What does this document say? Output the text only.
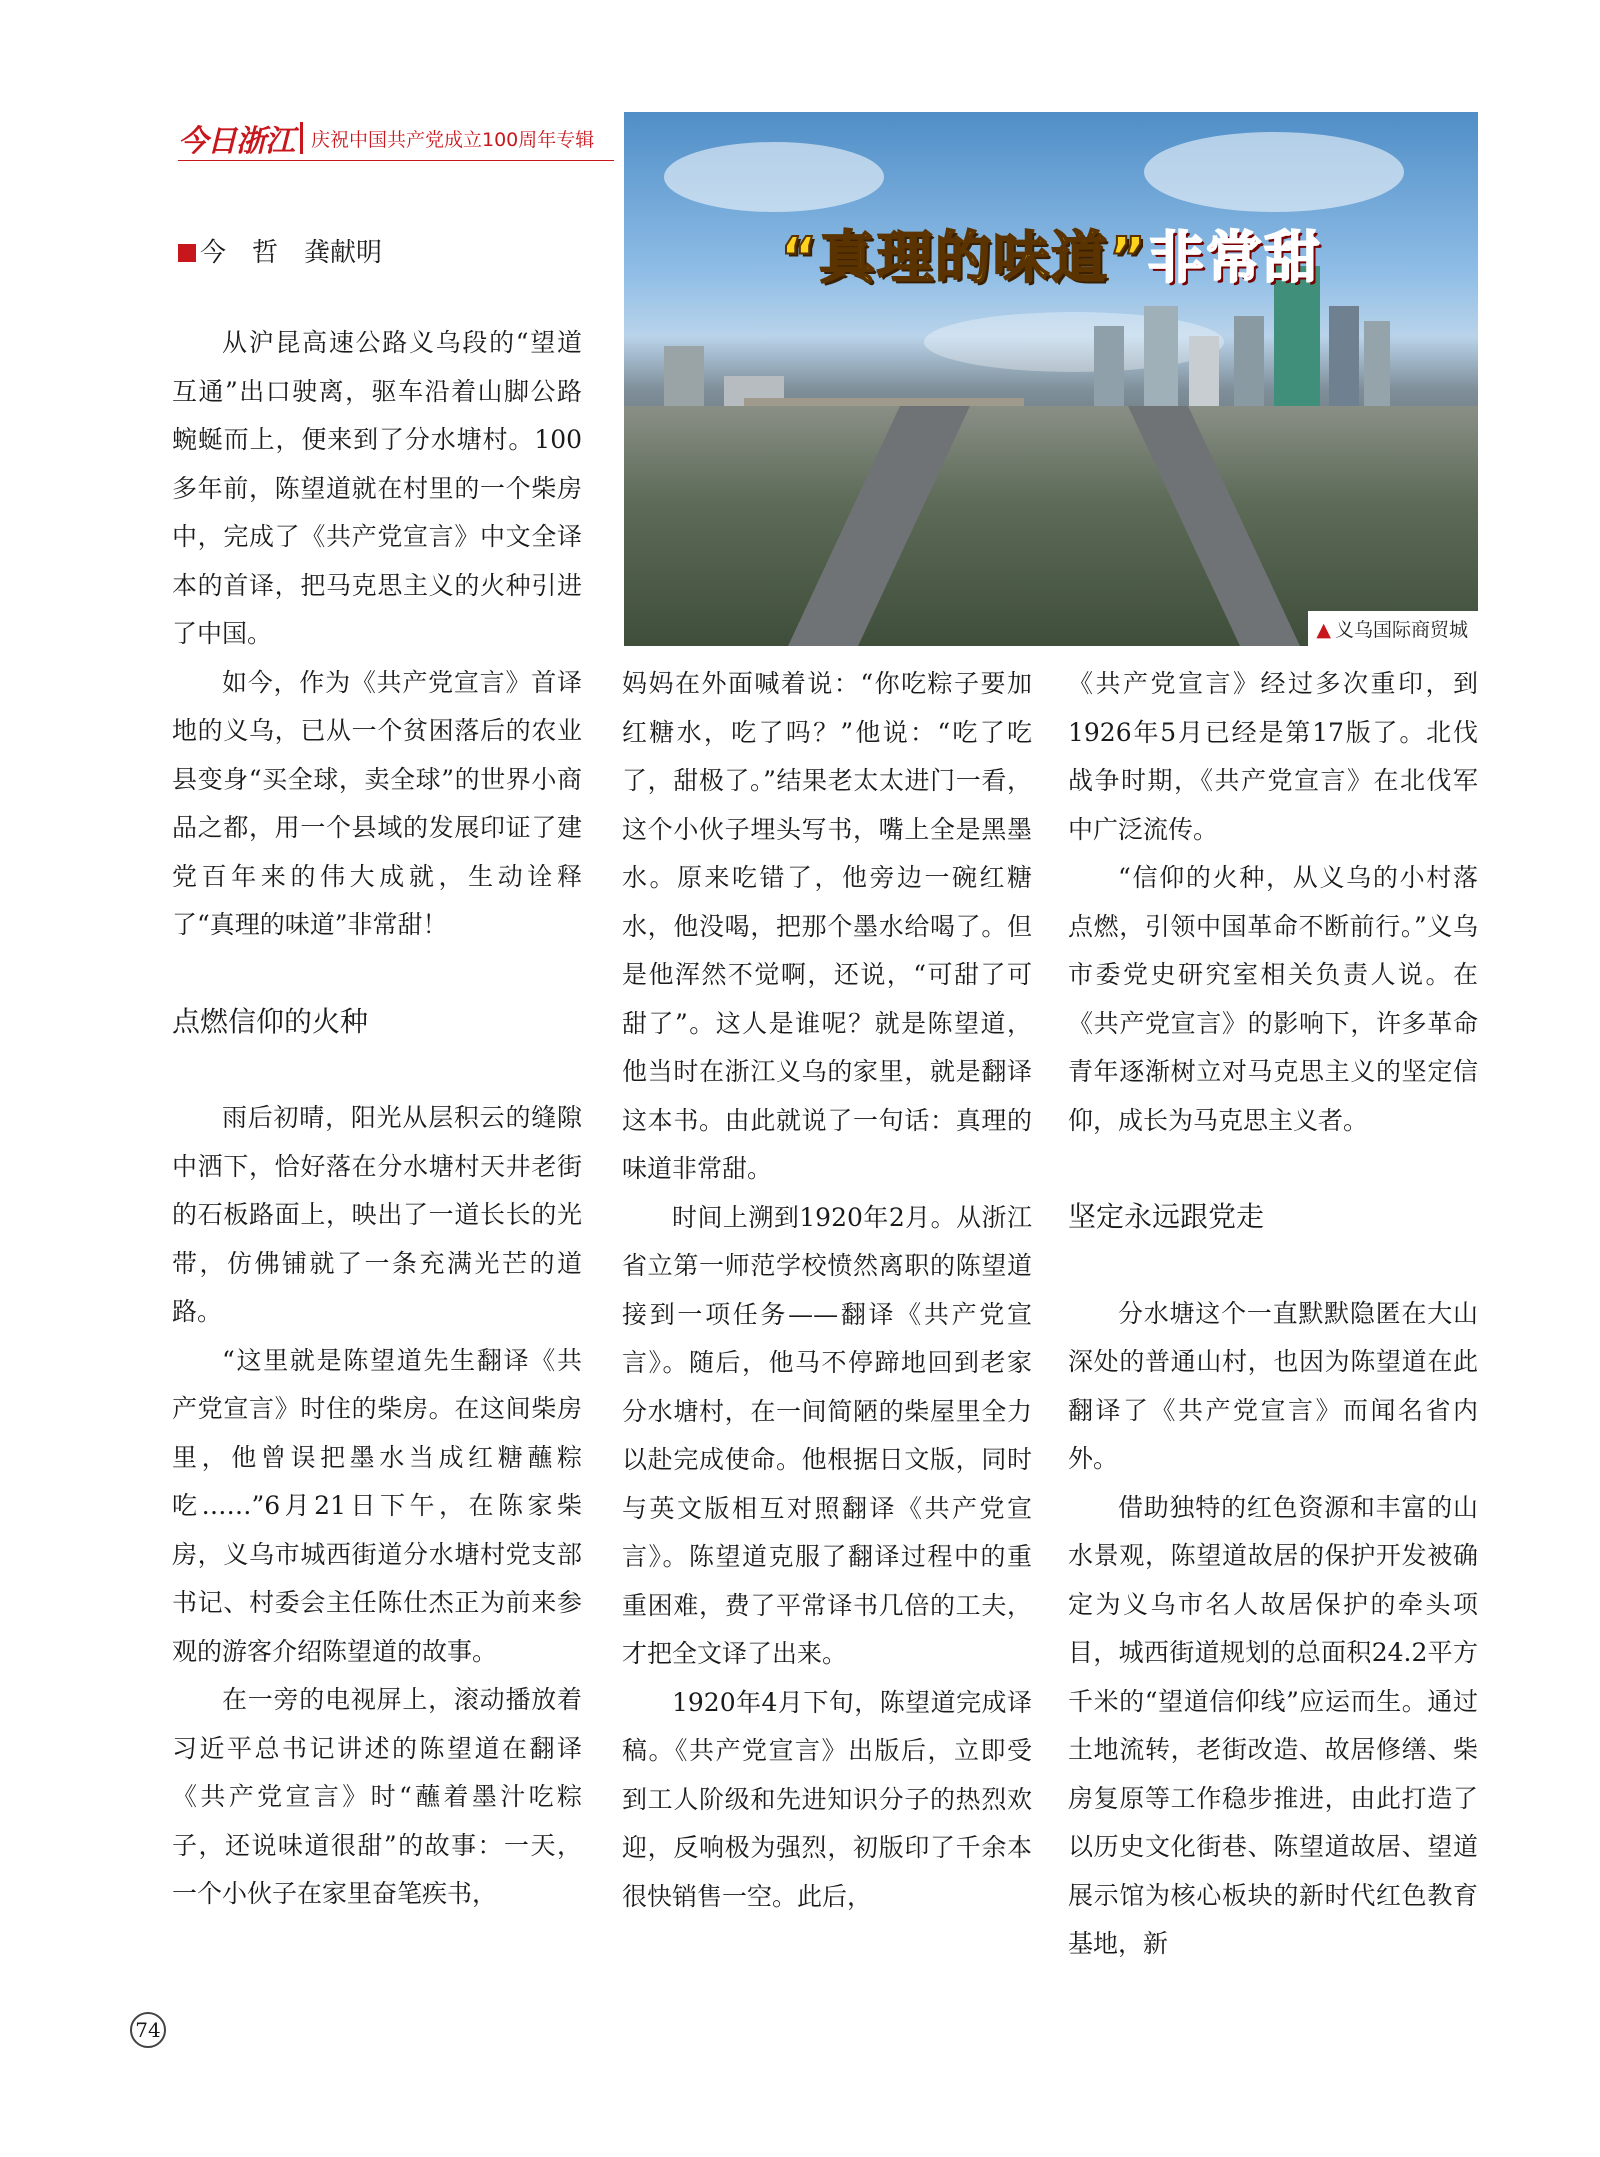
今日浙江 庆祝中国共产党成立100周年专辑
“真理的味道”非常甜
▲ 义乌国际商贸城
今　哲　龚献明

从沪昆高速公路义乌段的“望道互通”出口驶离，驱车沿着山脚公路蜿蜒而上，便来到了分水塘村。100多年前，陈望道就在村里的一个柴房中，完成了《共产党宣言》中文全译本的首译，把马克思主义的火种引进了中国。

如今，作为《共产党宣言》首译地的义乌，已从一个贫困落后的农业县变身“买全球，卖全球”的世界小商品之都，用一个县域的发展印证了建党百年来的伟大成就，生动诠释了“真理的味道”非常甜！

点燃信仰的火种

雨后初晴，阳光从层积云的缝隙中洒下，恰好落在分水塘村天井老街的石板路面上，映出了一道长长的光带，仿佛铺就了一条充满光芒的道路。

“这里就是陈望道先生翻译《共产党宣言》时住的柴房。在这间柴房里，他曾误把墨水当成红糖蘸粽吃……”6月21日下午，在陈家柴房，义乌市城西街道分水塘村党支部书记、村委会主任陈仕杰正为前来参观的游客介绍陈望道的故事。

在一旁的电视屏上，滚动播放着习近平总书记讲述的陈望道在翻译《共产党宣言》时“蘸着墨汁吃粽子，还说味道很甜”的故事：一天，一个小伙子在家里奋笔疾书，

妈妈在外面喊着说：“你吃粽子要加红糖水，吃了吗？”他说：“吃了吃了，甜极了。”结果老太太进门一看，这个小伙子埋头写书，嘴上全是黑墨水。原来吃错了，他旁边一碗红糖水，他没喝，把那个墨水给喝了。但是他浑然不觉啊，还说，“可甜了可甜了”。这人是谁呢？就是陈望道，他当时在浙江义乌的家里，就是翻译这本书。由此就说了一句话：真理的味道非常甜。

时间上溯到1920年2月。从浙江省立第一师范学校愤然离职的陈望道接到一项任务——翻译《共产党宣言》。随后，他马不停蹄地回到老家分水塘村，在一间简陋的柴屋里全力以赴完成使命。他根据日文版，同时与英文版相互对照翻译《共产党宣言》。陈望道克服了翻译过程中的重重困难，费了平常译书几倍的工夫，才把全文译了出来。

1920年4月下旬，陈望道完成译稿。《共产党宣言》出版后，立即受到工人阶级和先进知识分子的热烈欢迎，反响极为强烈，初版印了千余本很快销售一空。此后，

《共产党宣言》经过多次重印，到1926年5月已经是第17版了。北伐战争时期，《共产党宣言》在北伐军中广泛流传。

“信仰的火种，从义乌的小村落点燃，引领中国革命不断前行。”义乌市委党史研究室相关负责人说。在《共产党宣言》的影响下，许多革命青年逐渐树立对马克思主义的坚定信仰，成长为马克思主义者。

坚定永远跟党走

分水塘这个一直默默隐匿在大山深处的普通山村，也因为陈望道在此翻译了《共产党宣言》而闻名省内外。

借助独特的红色资源和丰富的山水景观，陈望道故居的保护开发被确定为义乌市名人故居保护的牵头项目，城西街道规划的总面积24.2平方千米的“望道信仰线”应运而生。通过土地流转，老街改造、故居修缮、柴房复原等工作稳步推进，由此打造了以历史文化街巷、陈望道故居、望道展示馆为核心板块的新时代红色教育基地，新

74
